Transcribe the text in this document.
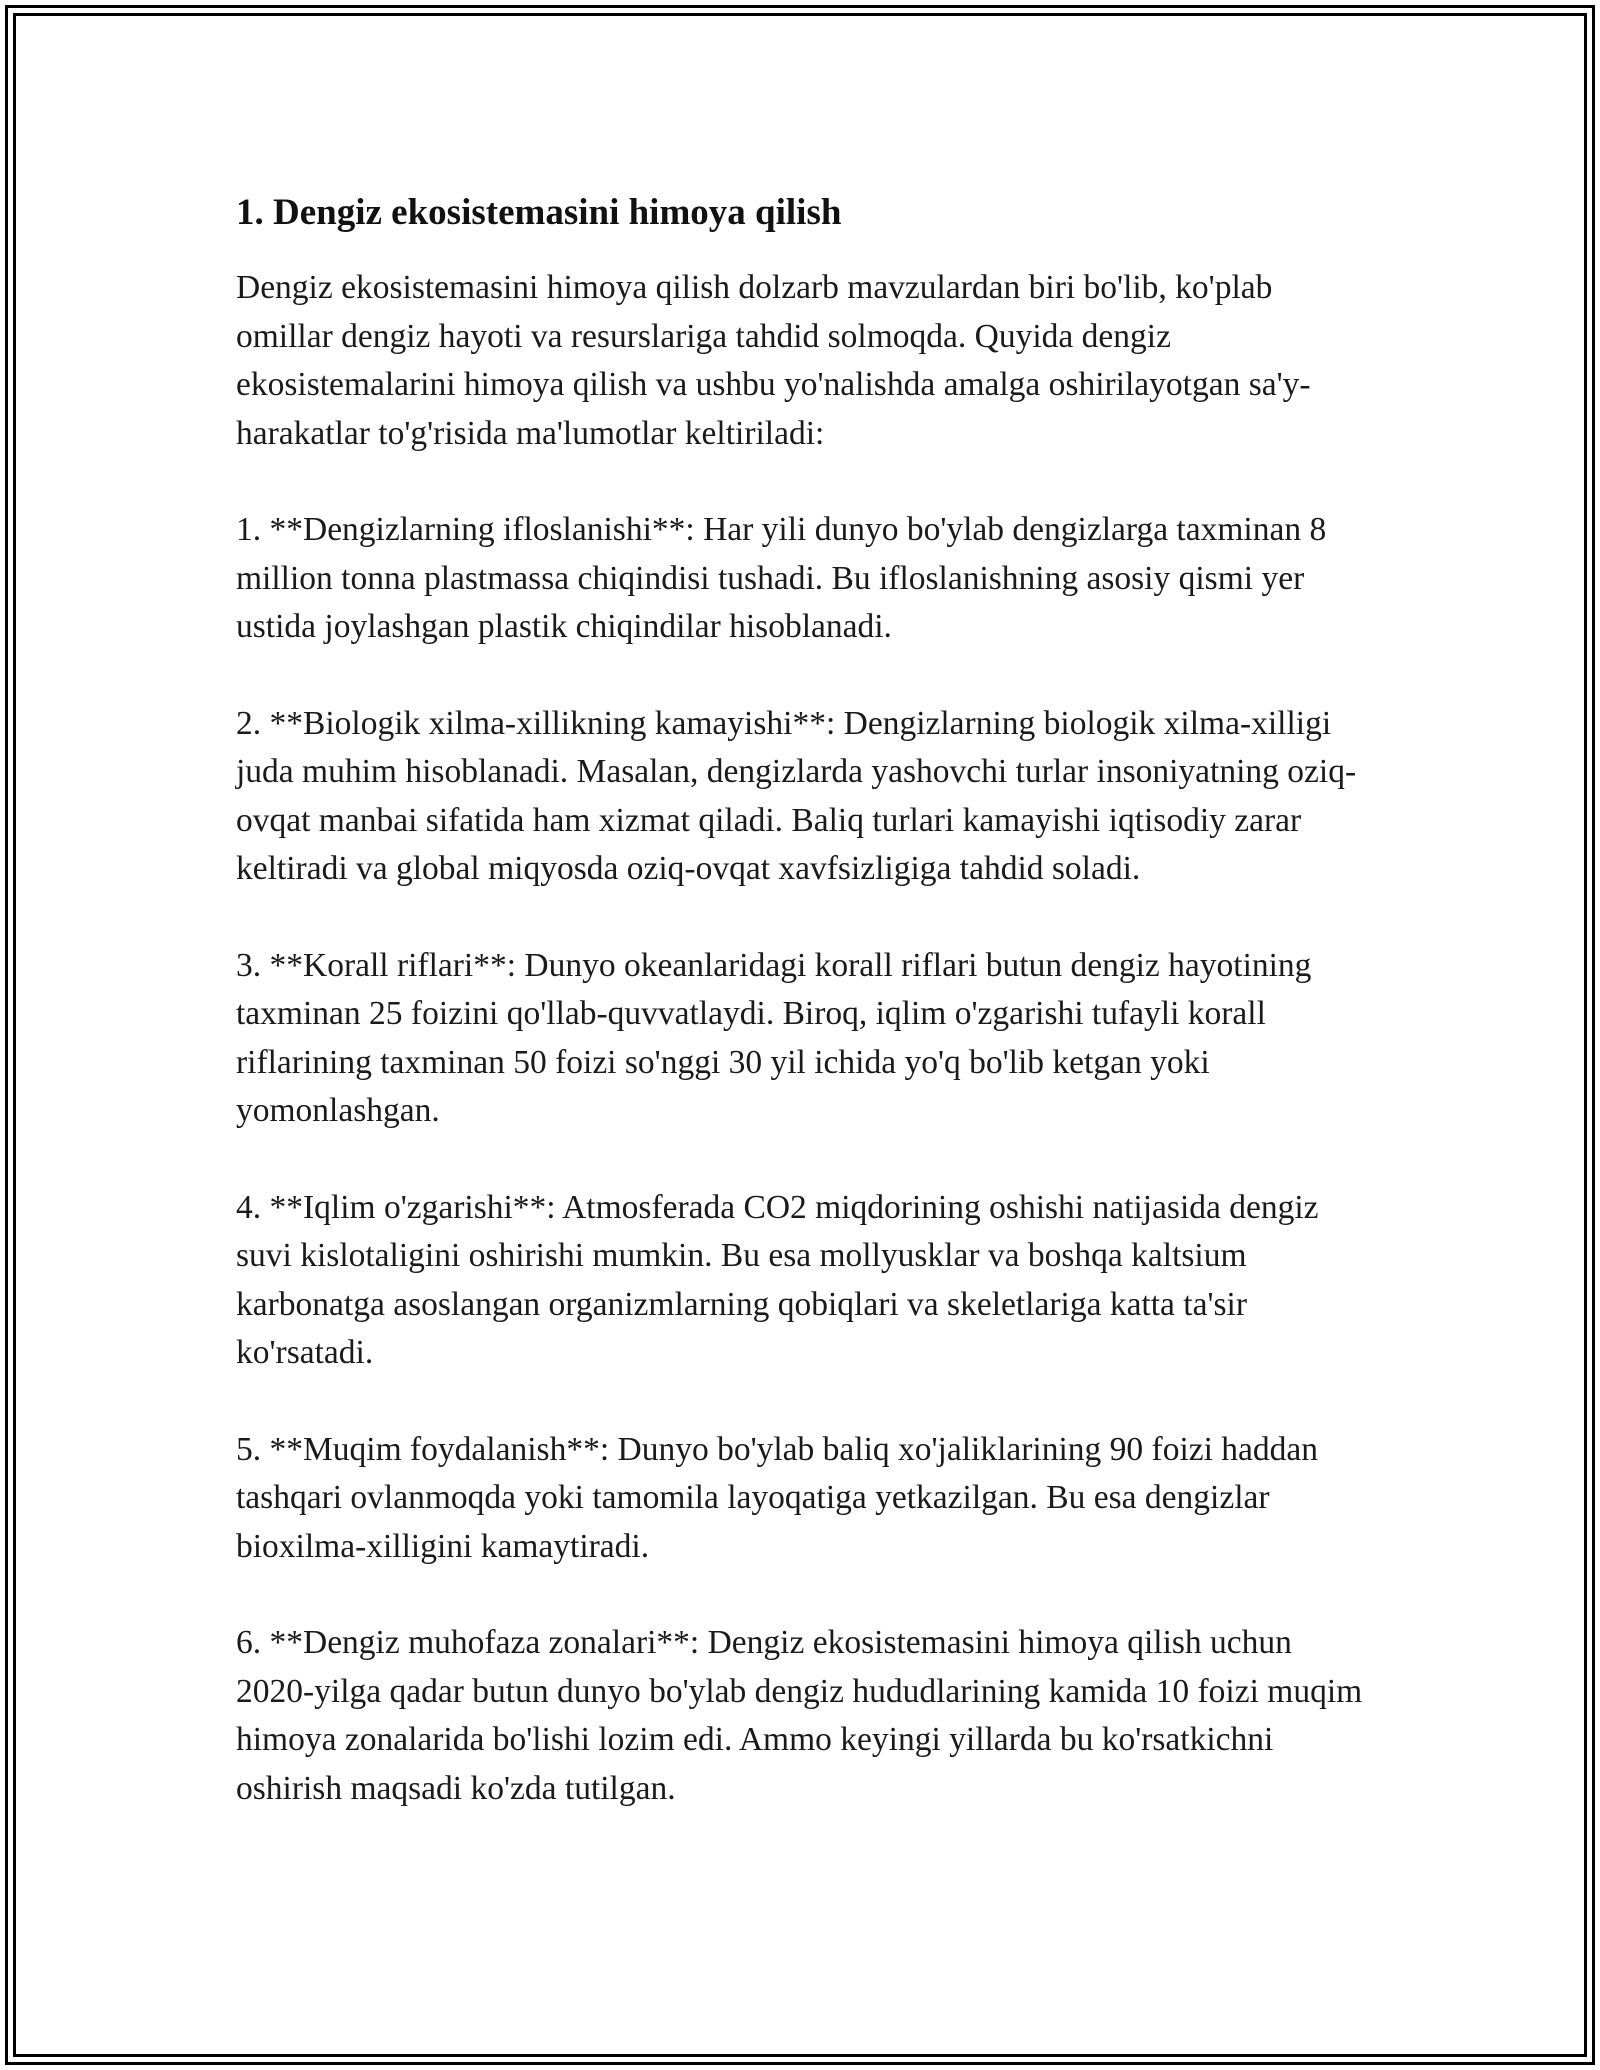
1. Dengiz ekosistemasini himoya qilish

Dengiz ekosistemasini himoya qilish dolzarb mavzulardan biri bo'lib, ko'plab omillar dengiz hayoti va resurslariga tahdid solmoqda. Quyida dengiz ekosistemalarini himoya qilish va ushbu yo'nalishda amalga oshirilayotgan sa'y-harakatlar to'g'risida ma'lumotlar keltiriladi:

1. **Dengizlarning ifloslanishi**: Har yili dunyo bo'ylab dengizlarga taxminan 8 million tonna plastmassa chiqindisi tushadi. Bu ifloslanishning asosiy qismi yer ustida joylashgan plastik chiqindilar hisoblanadi.

2. **Biologik xilma-xillikning kamayishi**: Dengizlarning biologik xilma-xilligi juda muhim hisoblanadi. Masalan, dengizlarda yashovchi turlar insoniyatning oziq-ovqat manbai sifatida ham xizmat qiladi. Baliq turlari kamayishi iqtisodiy zarar keltiradi va global miqyosda oziq-ovqat xavfsizligiga tahdid soladi.

3. **Korall riflari**: Dunyo okeanlaridagi korall riflari butun dengiz hayotining taxminan 25 foizini qo'llab-quvvatlaydi. Biroq, iqlim o'zgarishi tufayli korall riflarining taxminan 50 foizi so'nggi 30 yil ichida yo'q bo'lib ketgan yoki yomonlashgan.

4. **Iqlim o'zgarishi**: Atmosferada CO2 miqdorining oshishi natijasida dengiz suvi kislotaligini oshirishi mumkin. Bu esa mollyusklar va boshqa kaltsium karbonatga asoslangan organizmlarning qobiqlari va skeletlariga katta ta'sir ko'rsatadi.

5. **Muqim foydalanish**: Dunyo bo'ylab baliq xo'jaliklarining 90 foizi haddan tashqari ovlanmoqda yoki tamomila layoqatiga yetkazilgan. Bu esa dengizlar bioxilma-xilligini kamaytiradi.

6. **Dengiz muhofaza zonalari**: Dengiz ekosistemasini himoya qilish uchun 2020-yilga qadar butun dunyo bo'ylab dengiz hududlarining kamida 10 foizi muqim himoya zonalarida bo'lishi lozim edi. Ammo keyingi yillarda bu ko'rsatkichni oshirish maqsadi ko'zda tutilgan.
